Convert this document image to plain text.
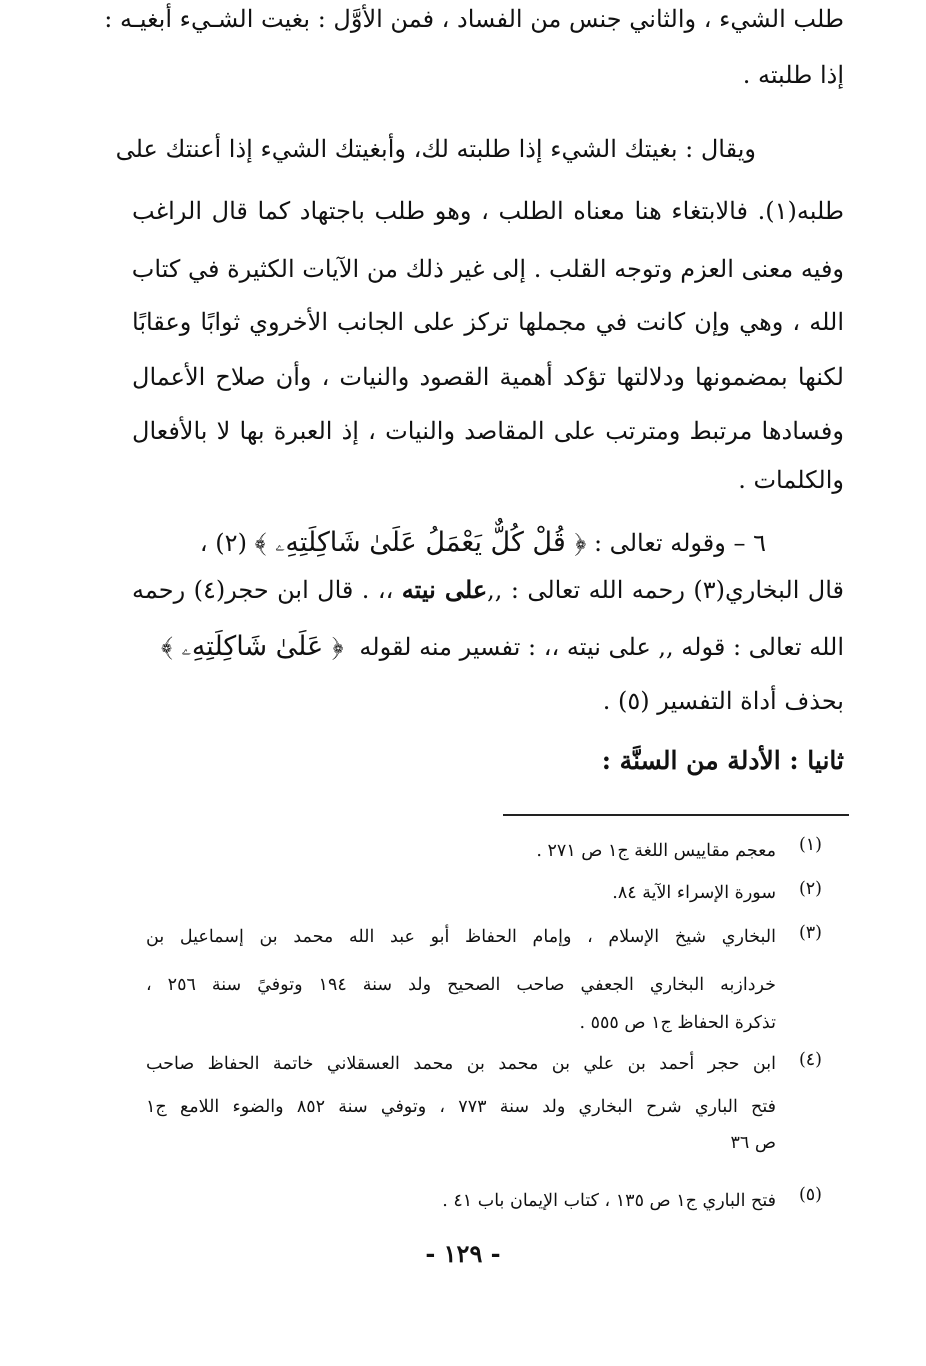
طلب الشيء ، والثاني جنس من الفساد ، فمن الأوَّل : بغيت الشـيء أبغيـه :
إذا طلبته .
ويقال : بغيتك الشيء إذا طلبته لك، وأبغيتك الشيء إذا أعنتك على
طلبه(١). فالابتغاء هنا معناه الطلب ، وهو طلب باجتهاد كما قال الراغب
وفيه معنى العزم وتوجه القلب . إلى غير ذلك من الآيات الكثيرة في كتاب
الله ، وهي وإن كانت في مجملها تركز على الجانب الأخروي ثوابًا وعقابًا
لكنها بمضمونها ودلالتها تؤكد أهمية القصود والنيات ، وأن صلاح الأعمال
وفسادها مرتبط ومترتب على المقاصد والنيات ، إذ العبرة بها لا بالأفعال
والكلمات .
٦ – وقوله تعالى : ﴿ قُلْ كُلٌّ يَعْمَلُ عَلَىٰ شَاكِلَتِهِۦ ﴾ (٢) ،
قال البخاري(٣) رحمه الله تعالى : ,,على نيته ،، . قال ابن حجر(٤) رحمه
الله تعالى : قوله ,, على نيته ،، : تفسير منه لقوله ﴿ عَلَىٰ شَاكِلَتِهِۦ ﴾
بحذف أداة التفسير (٥) .
ثانيا : الأدلة من السنَّة :
(١)
معجم مقاييس اللغة ج١ ص ٢٧١ .
(٢)
سورة الإسراء الآية ٨٤.
(٣)
البخاري شيخ الإسلام ، وإمام الحفاظ أبو عبد الله محمد بن إسماعيل بن
خردازبه البخاري الجعفي صاحب الصحيح ولد سنة ١٩٤ وتوفيً سنة ٢٥٦ ،
تذكرة الحفاظ ج١ ص ٥٥٥ .
(٤)
ابن حجر أحمد بن علي بن محمد بن محمد العسقلاني خاتمة الحفاظ صاحب
فتح الباري شرح البخاري ولد سنة ٧٧٣ ، وتوفي سنة ٨٥٢ والضوء اللامع ج١
ص ٣٦
(٥)
فتح الباري ج١ ص ١٣٥ ، كتاب الإيمان باب ٤١ .
- ١٢٩ -
